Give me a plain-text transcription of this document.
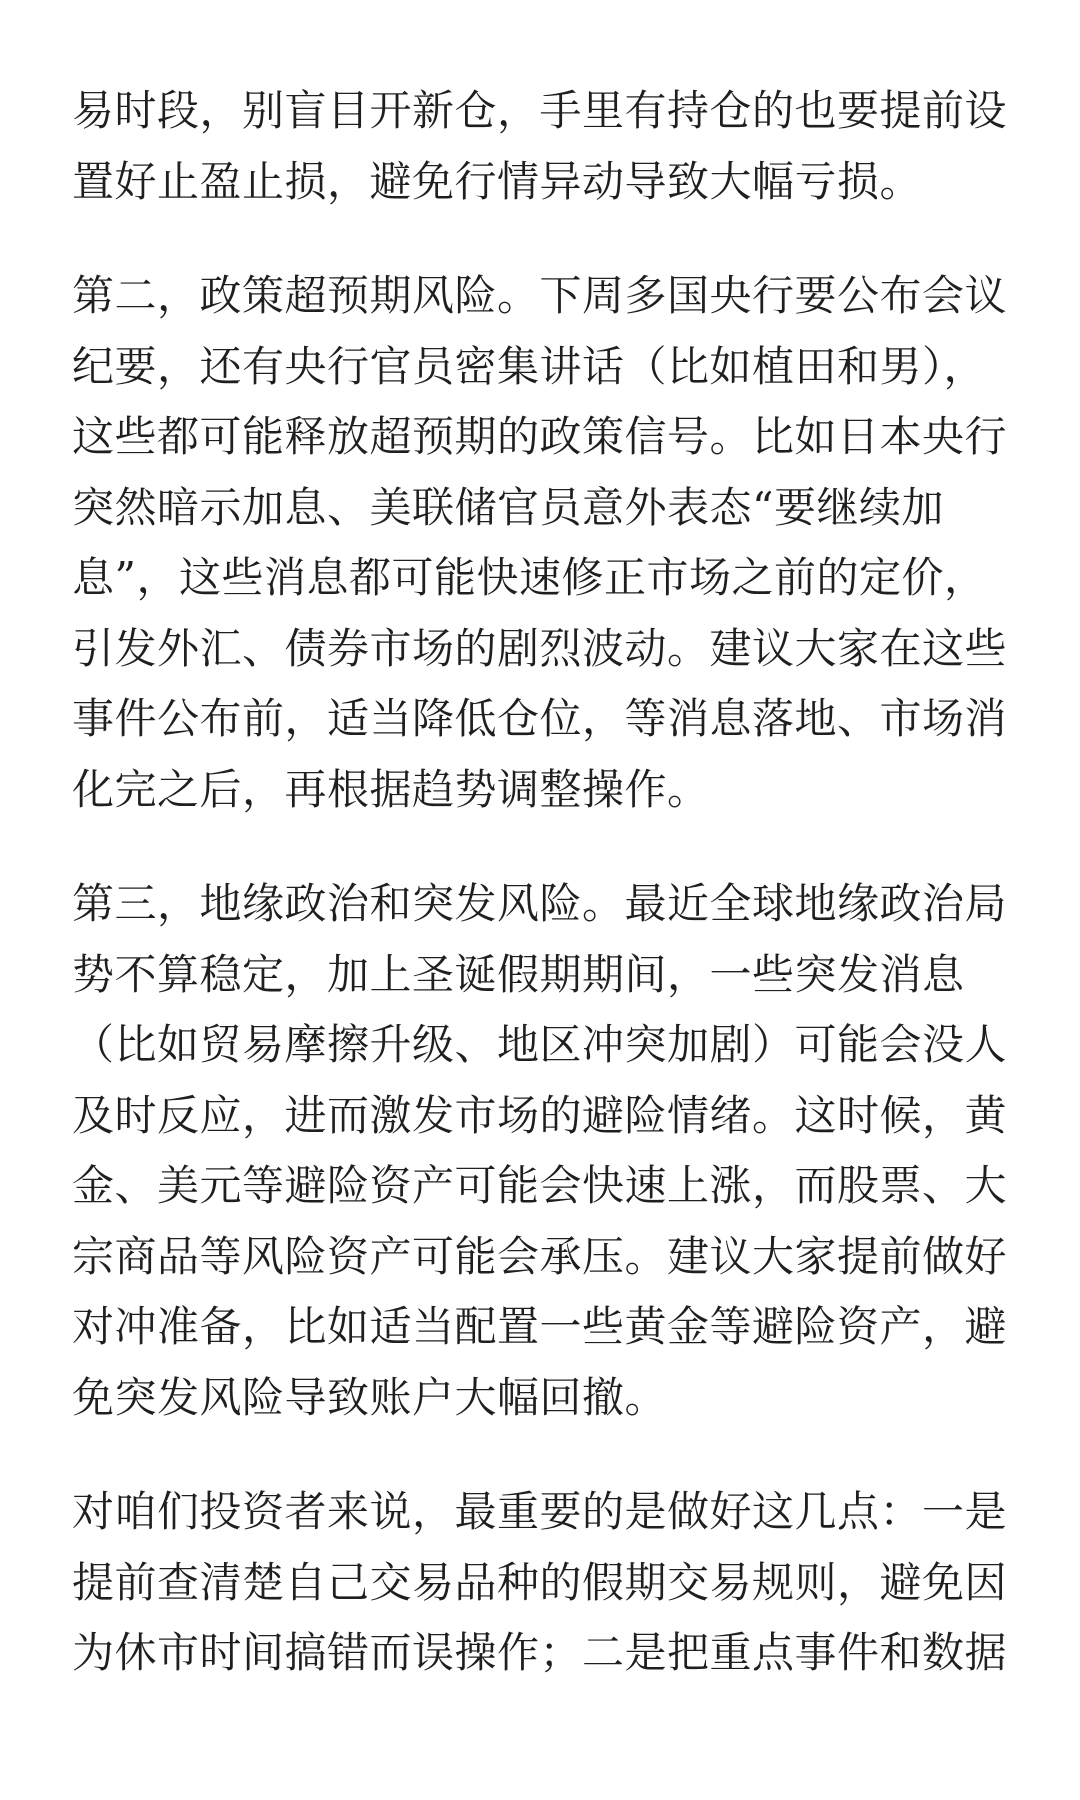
易时段，别盲目开新仓，手里有持仓的也要提前设
置好止盈止损，避免行情异动导致大幅亏损。
第二，政策超预期风险。下周多国央行要公布会议
纪要，还有央行官员密集讲话（比如植田和男），
这些都可能释放超预期的政策信号。比如日本央行
突然暗示加息、美联储官员意外表态“要继续加
息”，这些消息都可能快速修正市场之前的定价，
引发外汇、债券市场的剧烈波动。建议大家在这些
事件公布前，适当降低仓位，等消息落地、市场消
化完之后，再根据趋势调整操作。
第三，地缘政治和突发风险。最近全球地缘政治局
势不算稳定，加上圣诞假期期间，一些突发消息
（比如贸易摩擦升级、地区冲突加剧）可能会没人
及时反应，进而激发市场的避险情绪。这时候，黄
金、美元等避险资产可能会快速上涨，而股票、大
宗商品等风险资产可能会承压。建议大家提前做好
对冲准备，比如适当配置一些黄金等避险资产，避
免突发风险导致账户大幅回撤。
对咱们投资者来说，最重要的是做好这几点：一是
提前查清楚自己交易品种的假期交易规则，避免因
为休市时间搞错而误操作；二是把重点事件和数据
